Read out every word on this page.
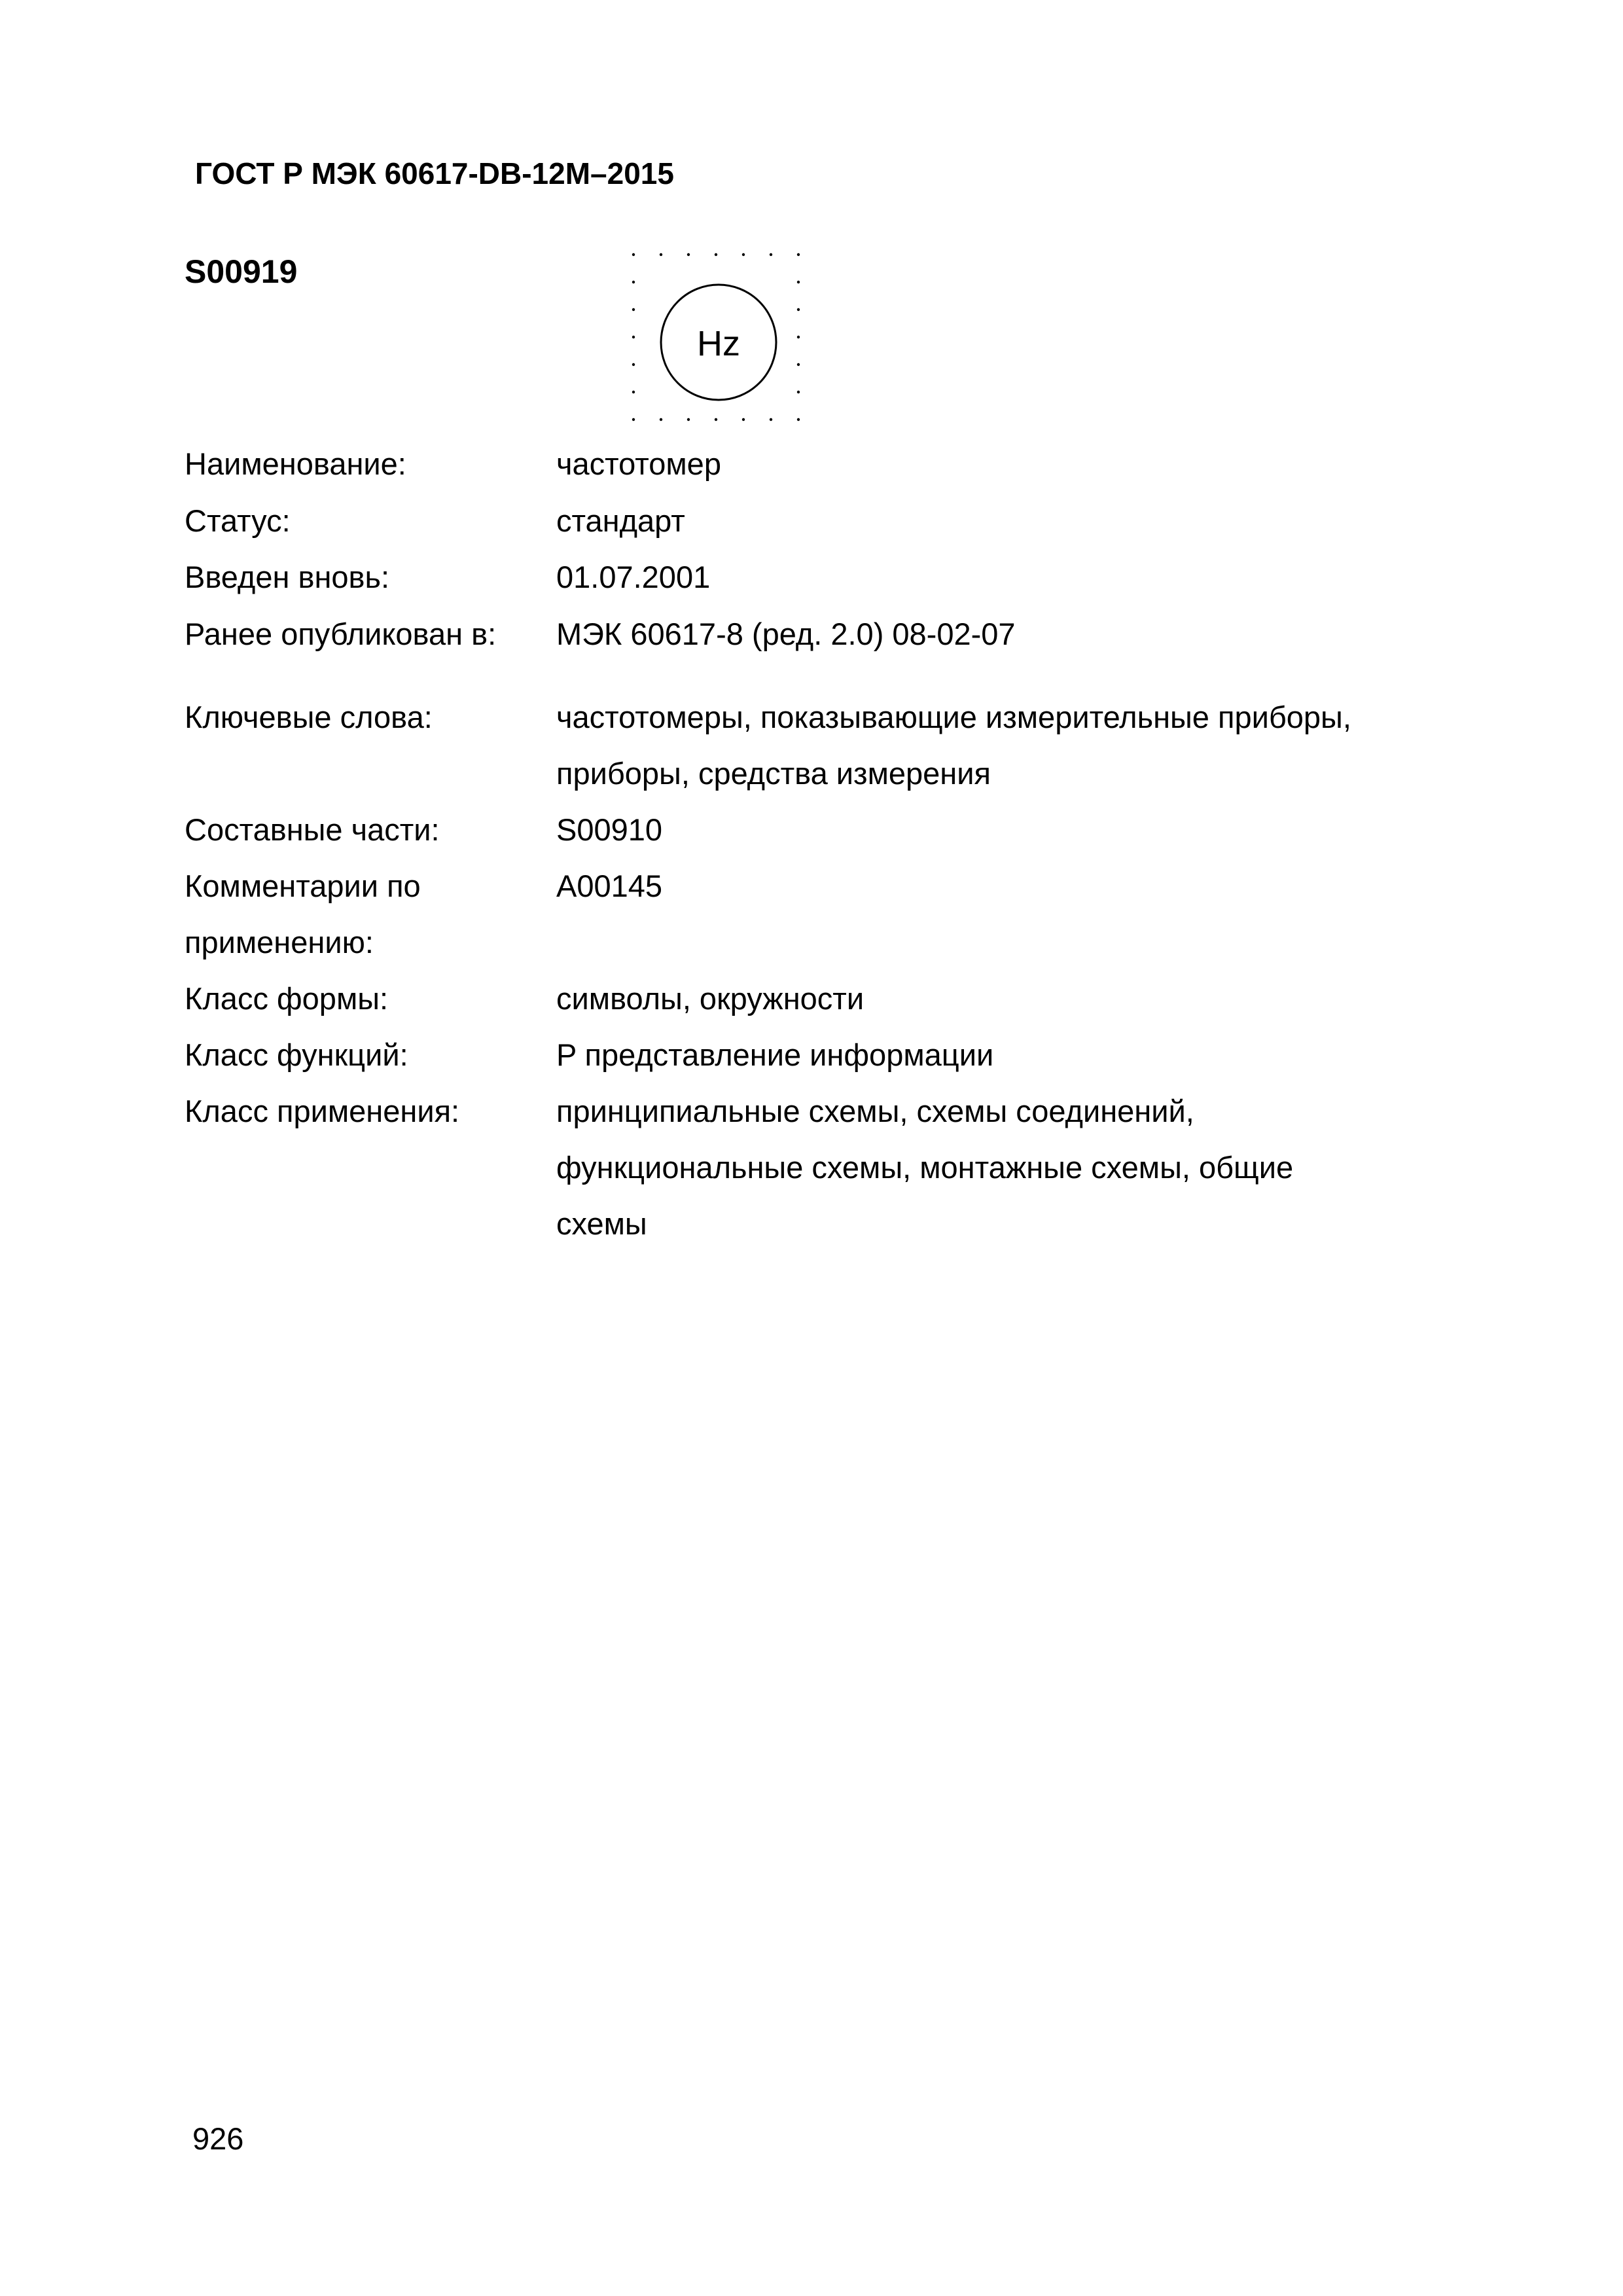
ГОСТ Р МЭК 60617-DB-12М–2015
S00919
Hz
Наименование:	частотомер
Статус:	стандарт
Введен вновь:	01.07.2001
Ранее опубликован в:	МЭК 60617-8 (ред. 2.0) 08-02-07
Ключевые слова:	частотомеры, показывающие измерительные приборы,
приборы, средства измерения
Составные части:	S00910
Комментарии по	A00145
применению:
Класс формы:	символы, окружности
Класс функций:	P представление информации
Класс применения:	принципиальные схемы, схемы соединений,
функциональные схемы, монтажные схемы, общие
схемы
926
